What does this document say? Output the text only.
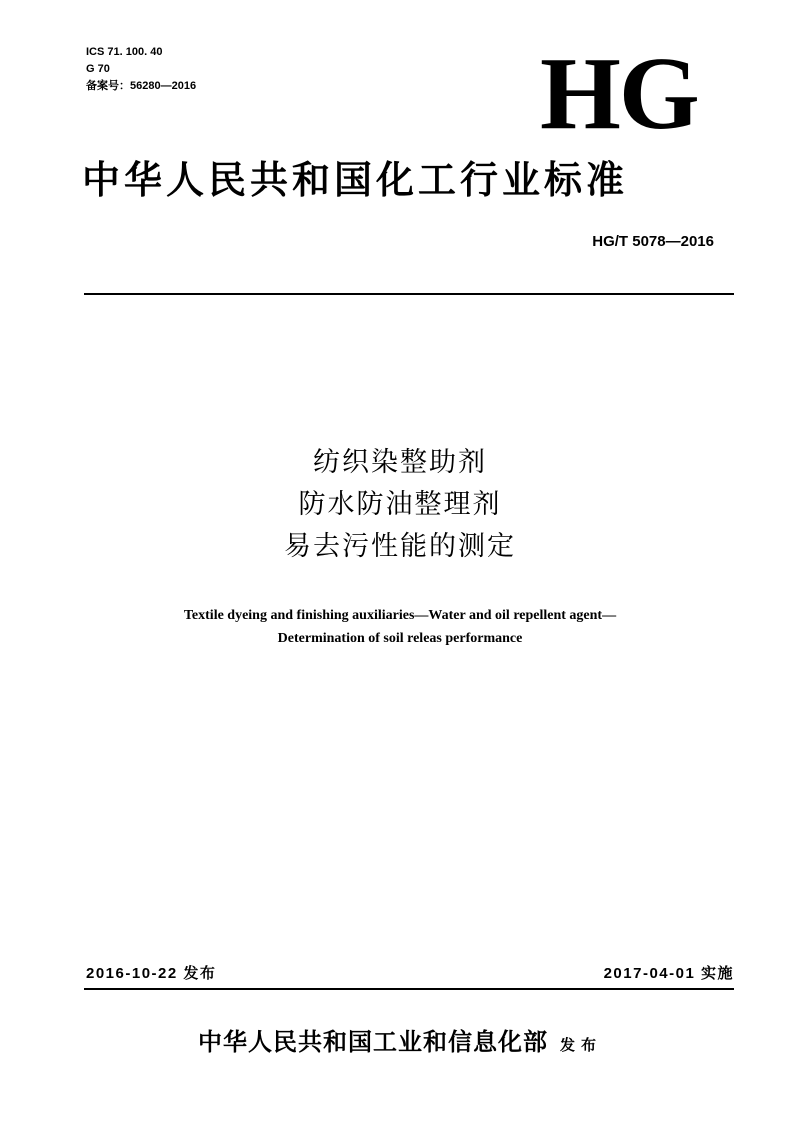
ICS 71. 100. 40
G 70
备案号：56280—2016	HG
中华人民共和国化工行业标准
HG/T 5078—2016
纺织染整助剂
防水防油整理剂
易去污性能的测定
Textile dyeing and finishing auxiliaries—Water and oil repellent agent—
Determination of soil releas performance
2016-10-22 发布	2017-04-01 实施
中华人民共和国工业和信息化部 发布
